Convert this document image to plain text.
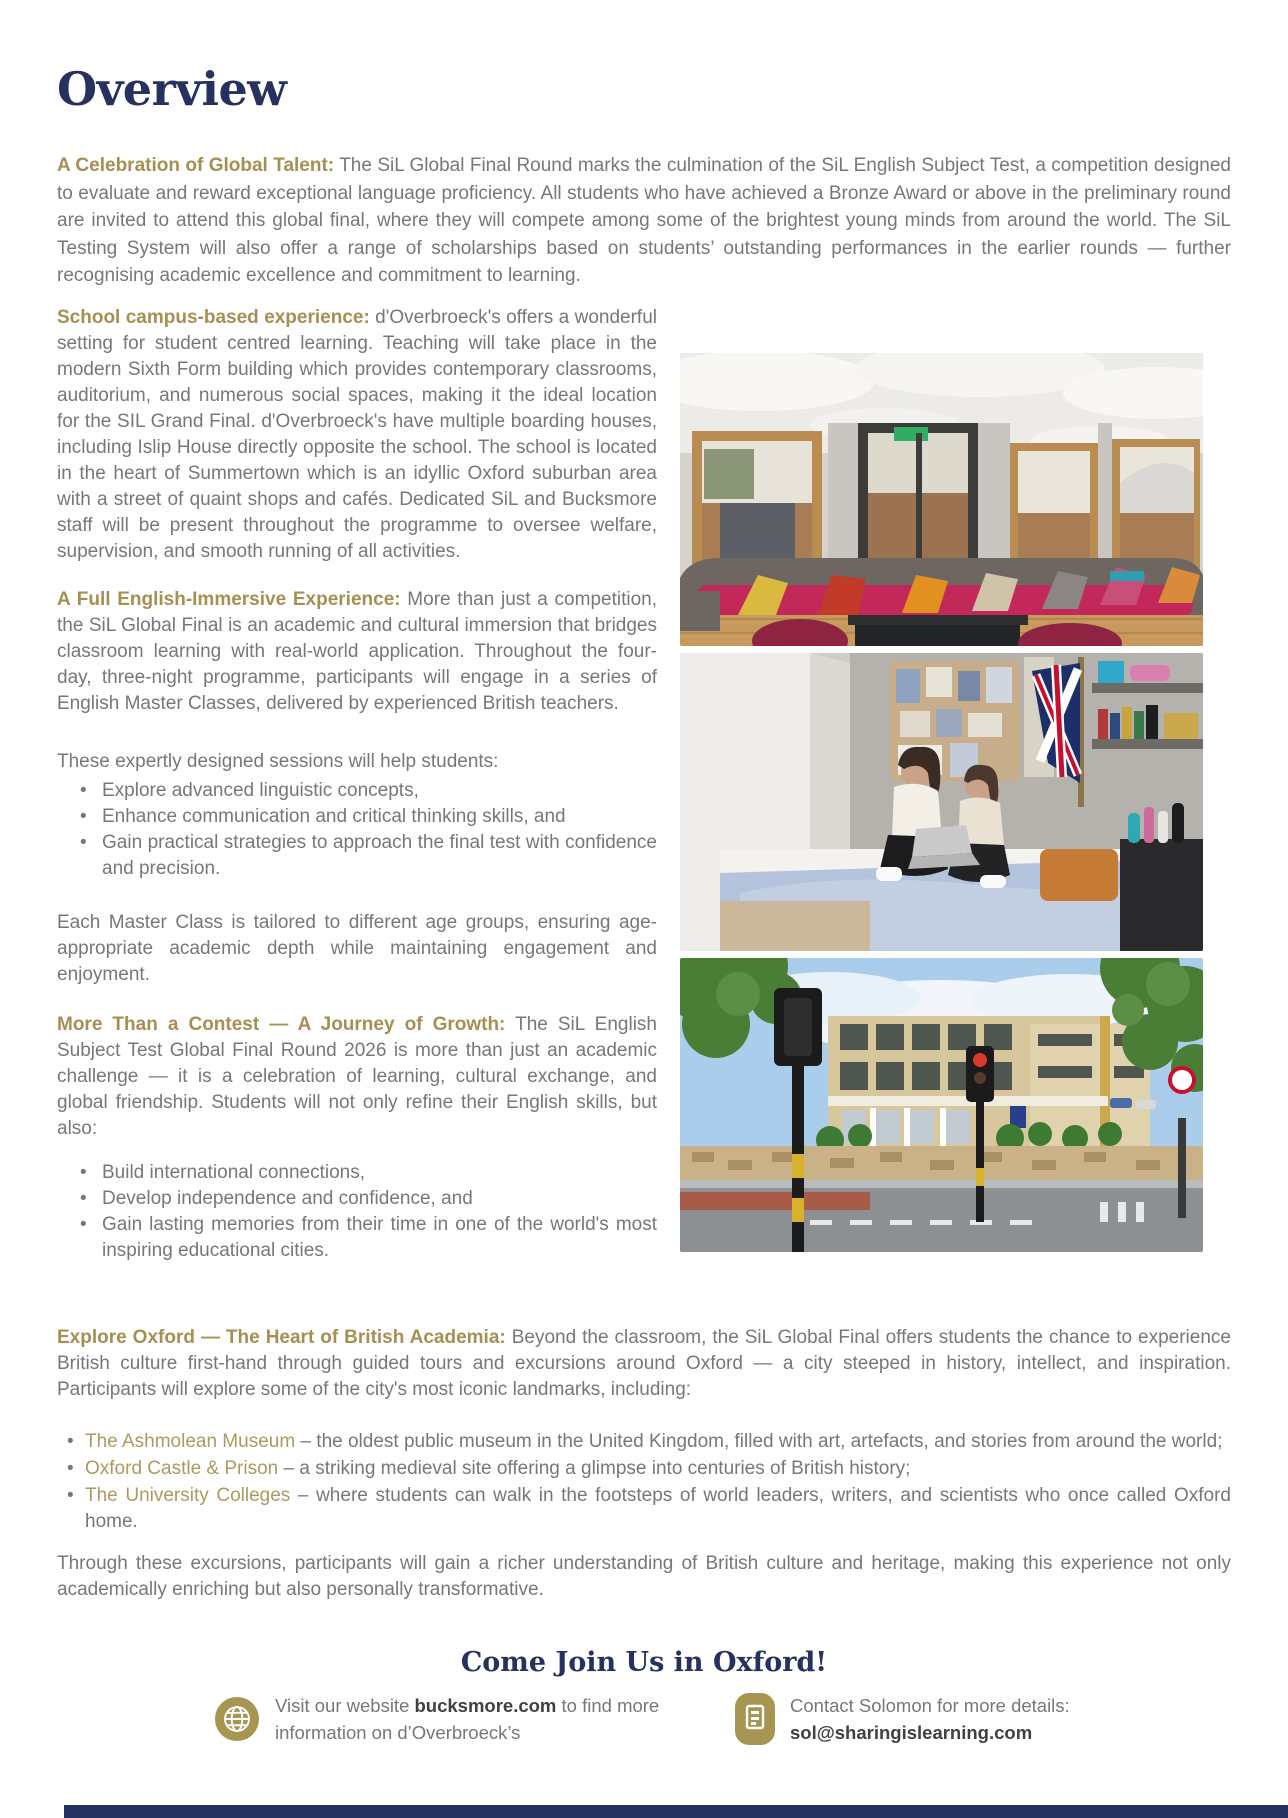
Overview

A Celebration of Global Talent: The SiL Global Final Round marks the culmination of the SiL English Subject Test, a competition designed to evaluate and reward exceptional language proficiency. All students who have achieved a Bronze Award or above in the preliminary round are invited to attend this global final, where they will compete among some of the brightest young minds from around the world. The SiL Testing System will also offer a range of scholarships based on students’ outstanding performances in the earlier rounds — further recognising academic excellence and commitment to learning.

School campus-based experience: d'Overbroeck's offers a wonderful setting for student centred learning. Teaching will take place in the modern Sixth Form building which provides contemporary classrooms, auditorium, and numerous social spaces, making it the ideal location for the SIL Grand Final. d'Overbroeck's have multiple boarding houses, including Islip House directly opposite the school. The school is located in the heart of Summertown which is an idyllic Oxford suburban area with a street of quaint shops and cafés. Dedicated SiL and Bucksmore staff will be present throughout the programme to oversee welfare, supervision, and smooth running of all activities.

A Full English-Immersive Experience: More than just a competition, the SiL Global Final is an academic and cultural immersion that bridges classroom learning with real-world application. Throughout the four-day, three-night programme, participants will engage in a series of English Master Classes, delivered by experienced British teachers.

These expertly designed sessions will help students:

• Explore advanced linguistic concepts,
• Enhance communication and critical thinking skills, and
• Gain practical strategies to approach the final test with confidence and precision.

Each Master Class is tailored to different age groups, ensuring age-appropriate academic depth while maintaining engagement and enjoyment.

More Than a Contest — A Journey of Growth: The SiL English Subject Test Global Final Round 2026 is more than just an academic challenge — it is a celebration of learning, cultural exchange, and global friendship. Students will not only refine their English skills, but also:

• Build international connections,
• Develop independence and confidence, and
• Gain lasting memories from their time in one of the world's most inspiring educational cities.

Explore Oxford — The Heart of British Academia: Beyond the classroom, the SiL Global Final offers students the chance to experience British culture first-hand through guided tours and excursions around Oxford — a city steeped in history, intellect, and inspiration. Participants will explore some of the city's most iconic landmarks, including:

• The Ashmolean Museum – the oldest public museum in the United Kingdom, filled with art, artefacts, and stories from around the world;
• Oxford Castle & Prison – a striking medieval site offering a glimpse into centuries of British history;
• The University Colleges – where students can walk in the footsteps of world leaders, writers, and scientists who once called Oxford home.

Through these excursions, participants will gain a richer understanding of British culture and heritage, making this experience not only academically enriching but also personally transformative.

Come Join Us in Oxford!

Visit our website bucksmore.com to find more information on d’Overbroeck’s
Contact Solomon for more details:
sol@sharingislearning.com
